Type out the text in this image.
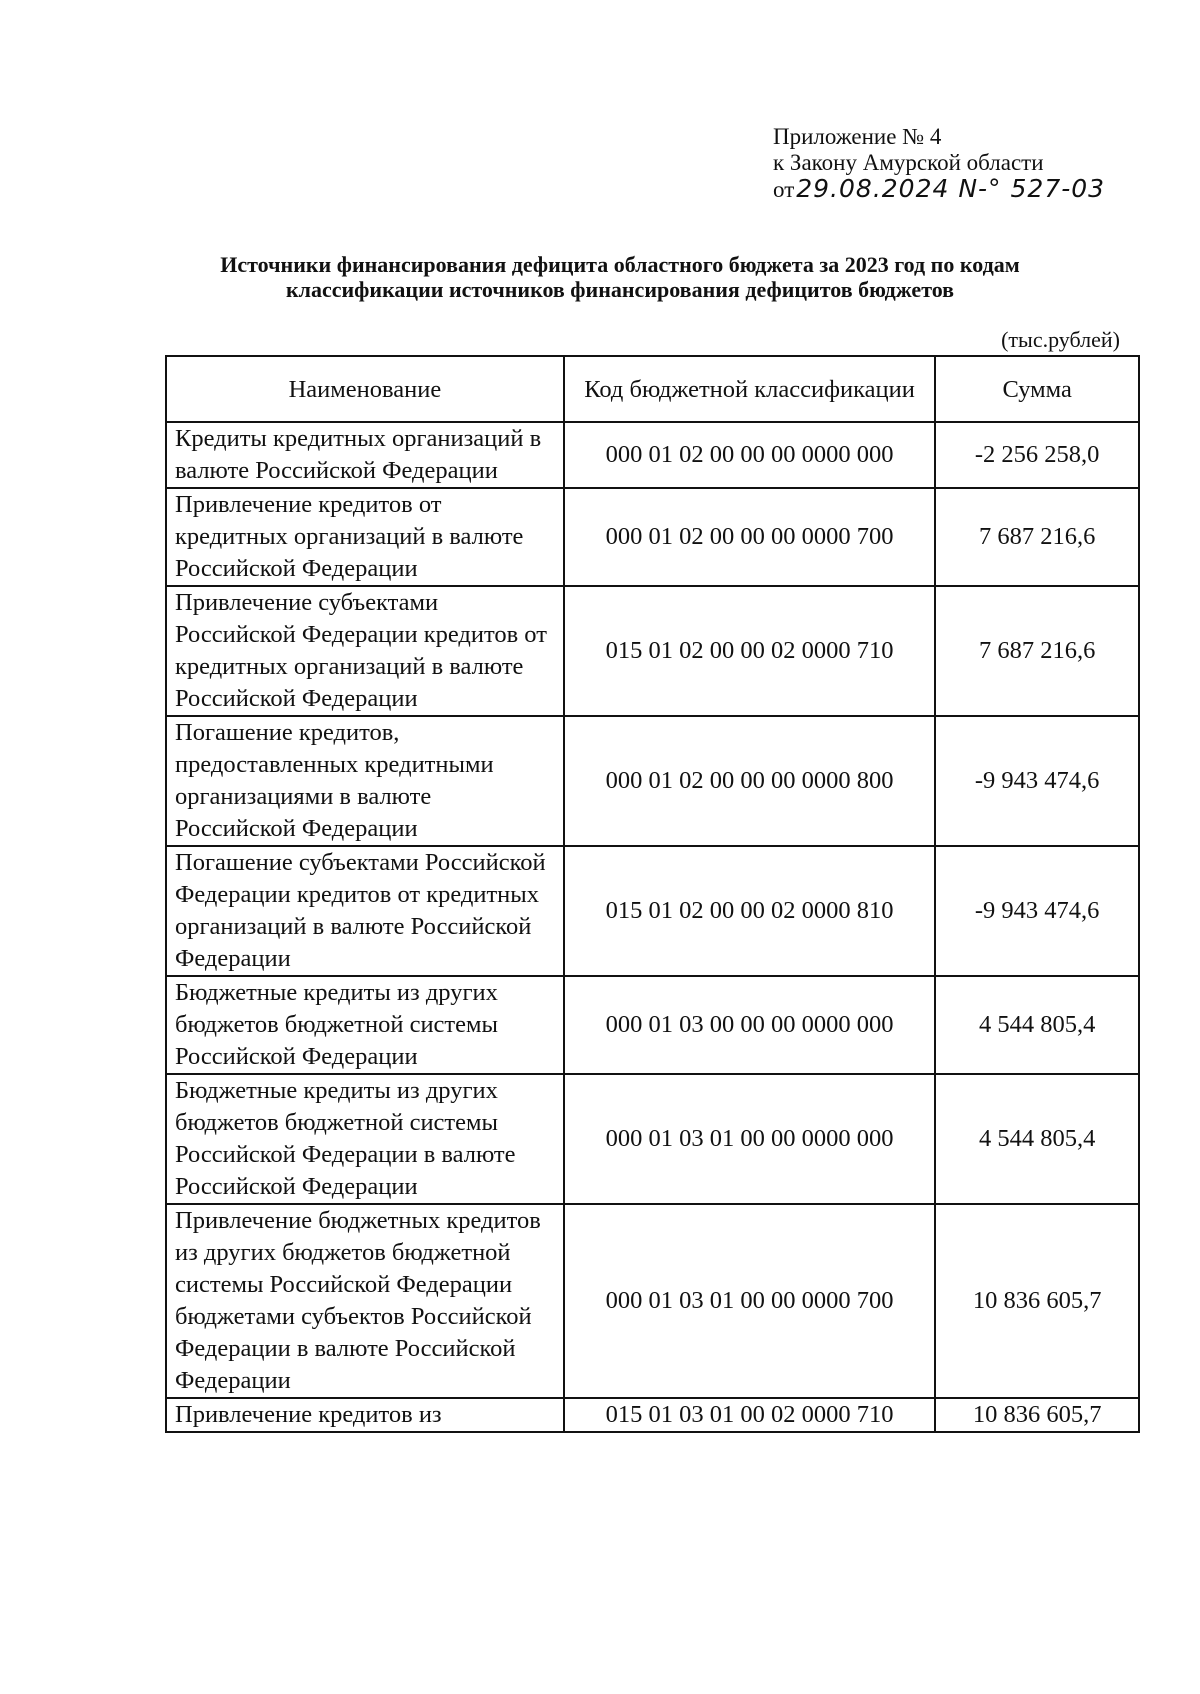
Приложение № 4
к Закону Амурской области
от29.08.2024 N-° 527-03
Источники финансирования дефицита областного бюджета за 2023 год по кодам
классификации источников финансирования дефицитов бюджетов
(тыс.рублей)
Наименование	Код бюджетной классификации	Сумма
Кредиты кредитных организаций в валюте Российской Федерации	000 01 02 00 00 00 0000 000	-2 256 258,0
Привлечение кредитов от кредитных организаций в валюте Российской Федерации	000 01 02 00 00 00 0000 700	7 687 216,6
Привлечение субъектами Российской Федерации кредитов от кредитных организаций в валюте Российской Федерации	015 01 02 00 00 02 0000 710	7 687 216,6
Погашение кредитов, предоставленных кредитными организациями в валюте Российской Федерации	000 01 02 00 00 00 0000 800	-9 943 474,6
Погашение субъектами Российской Федерации кредитов от кредитных организаций в валюте Российской Федерации	015 01 02 00 00 02 0000 810	-9 943 474,6
Бюджетные кредиты из других бюджетов бюджетной системы Российской Федерации	000 01 03 00 00 00 0000 000	4 544 805,4
Бюджетные кредиты из других бюджетов бюджетной системы Российской Федерации в валюте Российской Федерации	000 01 03 01 00 00 0000 000	4 544 805,4
Привлечение бюджетных кредитов из других бюджетов бюджетной системы Российской Федерации бюджетами субъектов Российской Федерации в валюте Российской Федерации	000 01 03 01 00 00 0000 700	10 836 605,7
Привлечение кредитов из	015 01 03 01 00 02 0000 710	10 836 605,7
